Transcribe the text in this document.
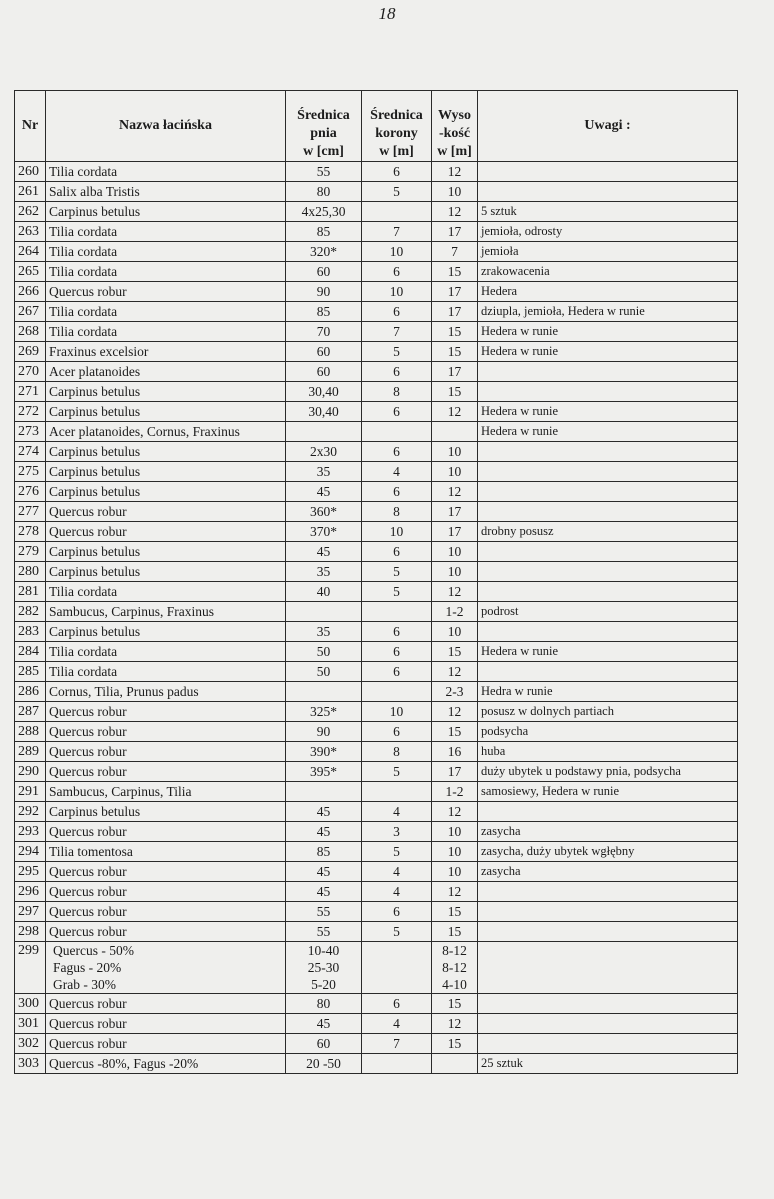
18
Nr	Nazwa łacińska	Średnica
pnia
w [cm]	Średnica
korony
w [m]	Wyso
-kość
w [m]	Uwagi :
260	Tilia cordata	55	6	12	
261	Salix alba Tristis	80	5	10	
262	Carpinus betulus	4x25,30		12	5 sztuk
263	Tilia cordata	85	7	17	jemioła, odrosty
264	Tilia cordata	320*	10	7	jemioła
265	Tilia cordata	60	6	15	zrakowacenia
266	Quercus robur	90	10	17	Hedera
267	Tilia cordata	85	6	17	dziupla, jemioła, Hedera w runie
268	Tilia cordata	70	7	15	Hedera w runie
269	Fraxinus excelsior	60	5	15	Hedera w runie
270	Acer platanoides	60	6	17	
271	Carpinus betulus	30,40	8	15	
272	Carpinus betulus	30,40	6	12	Hedera w runie
273	Acer platanoides, Cornus, Fraxinus				Hedera w runie
274	Carpinus betulus	2x30	6	10	
275	Carpinus betulus	35	4	10	
276	Carpinus betulus	45	6	12	
277	Quercus robur	360*	8	17	
278	Quercus robur	370*	10	17	drobny posusz
279	Carpinus betulus	45	6	10	
280	Carpinus betulus	35	5	10	
281	Tilia cordata	40	5	12	
282	Sambucus, Carpinus, Fraxinus			1-2	podrost
283	Carpinus betulus	35	6	10	
284	Tilia cordata	50	6	15	Hedera w runie
285	Tilia cordata	50	6	12	
286	Cornus, Tilia, Prunus padus			2-3	Hedra w runie
287	Quercus robur	325*	10	12	posusz w dolnych partiach
288	Quercus robur	90	6	15	podsycha
289	Quercus robur	390*	8	16	huba
290	Quercus robur	395*	5	17	duży ubytek u podstawy pnia, podsycha
291	Sambucus, Carpinus, Tilia			1-2	samosiewy, Hedera w runie
292	Carpinus betulus	45	4	12	
293	Quercus robur	45	3	10	zasycha
294	Tilia tomentosa	85	5	10	zasycha, duży ubytek wgłębny
295	Quercus robur	45	4	10	zasycha
296	Quercus robur	45	4	12	
297	Quercus robur	55	6	15	
298	Quercus robur	55	5	15	
299	Quercus - 50%
Fagus - 20%
Grab - 30%	10-40
25-30
5-20		8-12
8-12
4-10	

300	Quercus robur	80	6	15	
301	Quercus robur	45	4	12	
302	Quercus robur	60	7	15	
303	Quercus -80%, Fagus -20%	20 -50			25 sztuk
